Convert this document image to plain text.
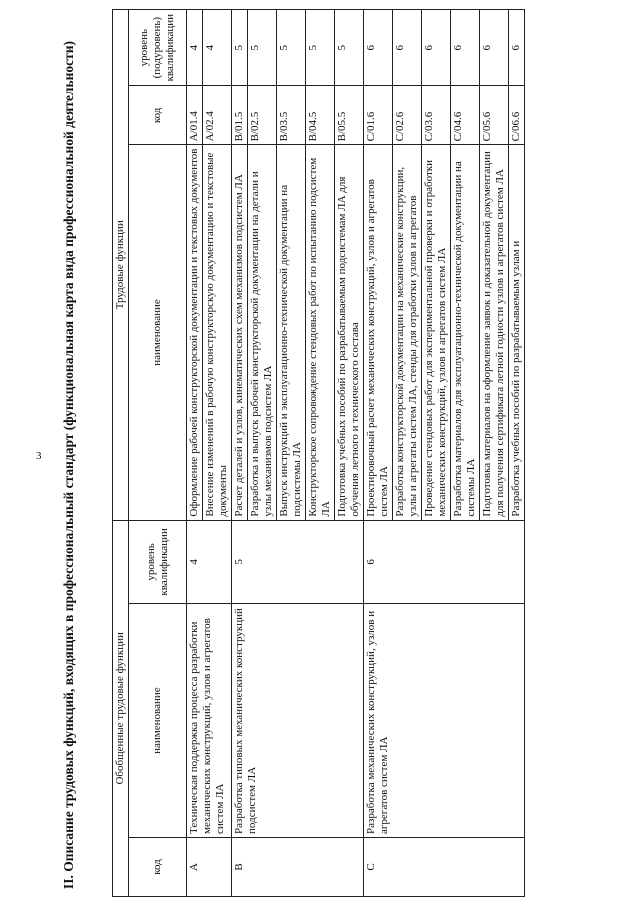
3 II. Описание трудовых функций, входящих в профессиональный стандарт (функциональная карта вида профессиональной деятельности)	Обобщенные трудовые функции			Трудовые функции		
код	наименование	уровень квалификации	наименование	код	уровень (подуровень) квалификации
A	Техническая поддержка процесса разработки механических конструкций, узлов и агрегатов систем ЛА	4	Оформление рабочей конструкторской документации и текстовых документов	A/01.4	4
			Внесение изменений в рабочую конструкторскую документацию и текстовые документы	A/02.4	4
B	Разработка типовых механических конструкций подсистем ЛА	5	Расчет деталей и узлов, кинематических схем механизмов подсистем ЛА	B/01.5	5
			Разработка и выпуск рабочей конструкторской документации на детали и узлы механизмов подсистем ЛА	B/02.5	5
			Выпуск инструкций и эксплуатационно-технической документации на подсистемы ЛА	B/03.5	5
			Конструкторское сопровождение стендовых работ по испытанию подсистем ЛА	B/04.5	5
			Подготовка учебных пособий по разрабатываемым подсистемам ЛА для обучения летного и технического состава	B/05.5	5
C	Разработка механических конструкций, узлов и агрегатов систем ЛА	6	Проектировочный расчет механических конструкций, узлов и агрегатов систем ЛА	C/01.6	6
			Разработка конструкторской документации на механические конструкции, узлы и агрегаты систем ЛА, стенды для отработки узлов и агрегатов	C/02.6	6
			Проведение стендовых работ для экспериментальной проверки и отработки механических конструкций, узлов и агрегатов систем ЛА	C/03.6	6
			Разработка материалов для эксплуатационно-технической документации на системы ЛА	C/04.6	6
			Подготовка материалов на оформление заявок и доказательной документации для получения сертификата летной годности узлов и агрегатов систем ЛА	C/05.6	6
			Разработка учебных пособий по разрабатываемым узлам и	C/06.6	6
